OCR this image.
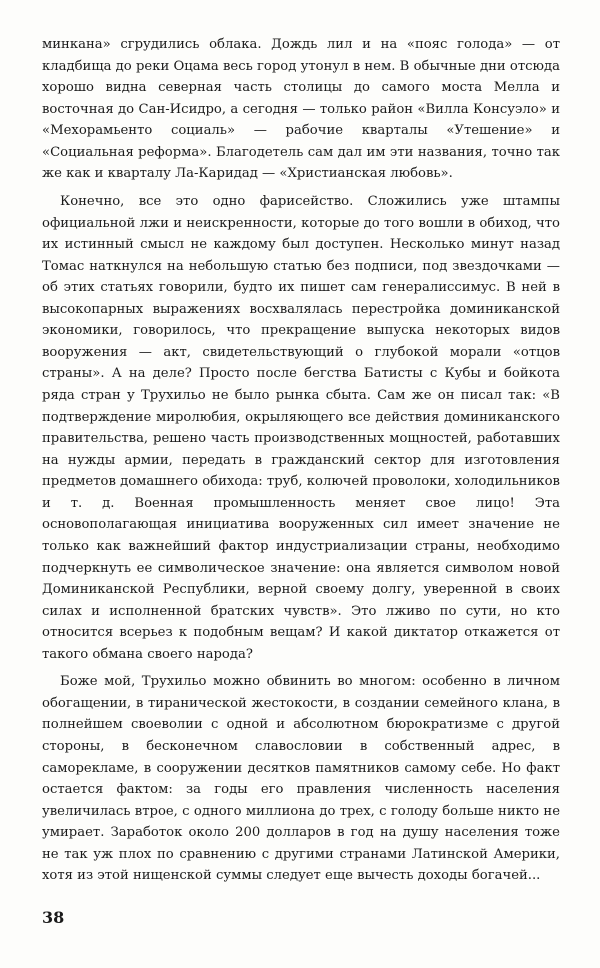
минкана» сгрудились облака. Дождь лил и на «пояс голода» — от кладбища до реки Оцама весь город утонул в нем. В обычные дни отсюда хорошо видна северная часть столицы до самого моста Мелла и восточная до Сан-Исидро, а сегодня — только район «Вилла Консуэло» и «Мехорамьенто социаль» — рабочие кварталы «Утешение» и «Социальная реформа». Благодетель сам дал им эти названия, точно так же как и кварталу Ла-Каридад — «Христианская любовь».

Конечно, все это одно фарисейство. Сложились уже штампы официальной лжи и неискренности, которые до того вошли в обиход, что их истинный смысл не каждому был доступен. Несколько минут назад Томас наткнулся на небольшую статью без подписи, под звездочками — об этих статьях говорили, будто их пишет сам генералиссимус. В ней в высокопарных выражениях восхвалялась перестройка доминиканской экономики, говорилось, что прекращение выпуска некоторых видов вооружения — акт, свидетельствующий о глубокой морали «отцов страны». А на деле? Просто после бегства Батисты с Кубы и бойкота ряда стран у Трухильо не было рынка сбыта. Сам же он писал так: «В подтверждение миролюбия, окрыляющего все действия доминиканского правительства, решено часть производственных мощностей, работавших на нужды армии, передать в гражданский сектор для изготовления предметов домашнего обихода: труб, колючей проволоки, холодильников и т. д. Военная промышленность меняет свое лицо! Эта основополагающая инициатива вооруженных сил имеет значение не только как важнейший фактор индустриализации страны, необходимо подчеркнуть ее символическое значение: она является символом новой Доминиканской Республики, верной своему долгу, уверенной в своих силах и исполненной братских чувств». Это лживо по сути, но кто относится всерьез к подобным вещам? И какой диктатор откажется от такого обмана своего народа?

Боже мой, Трухильо можно обвинить во многом: особенно в личном обогащении, в тиранической жестокости, в создании семейного клана, в полнейшем своеволии с одной и абсолютном бюрократизме с другой стороны, в бесконечном славословии в собственный адрес, в саморекламе, в сооружении десятков памятников самому себе. Но факт остается фактом: за годы его правления численность населения увеличилась втрое, с одного миллиона до трех, с голоду больше никто не умирает. Заработок около 200 долларов в год на душу населения тоже не так уж плох по сравнению с другими странами Латинской Америки, хотя из этой нищенской суммы следует еще вычесть доходы богачей...

38
